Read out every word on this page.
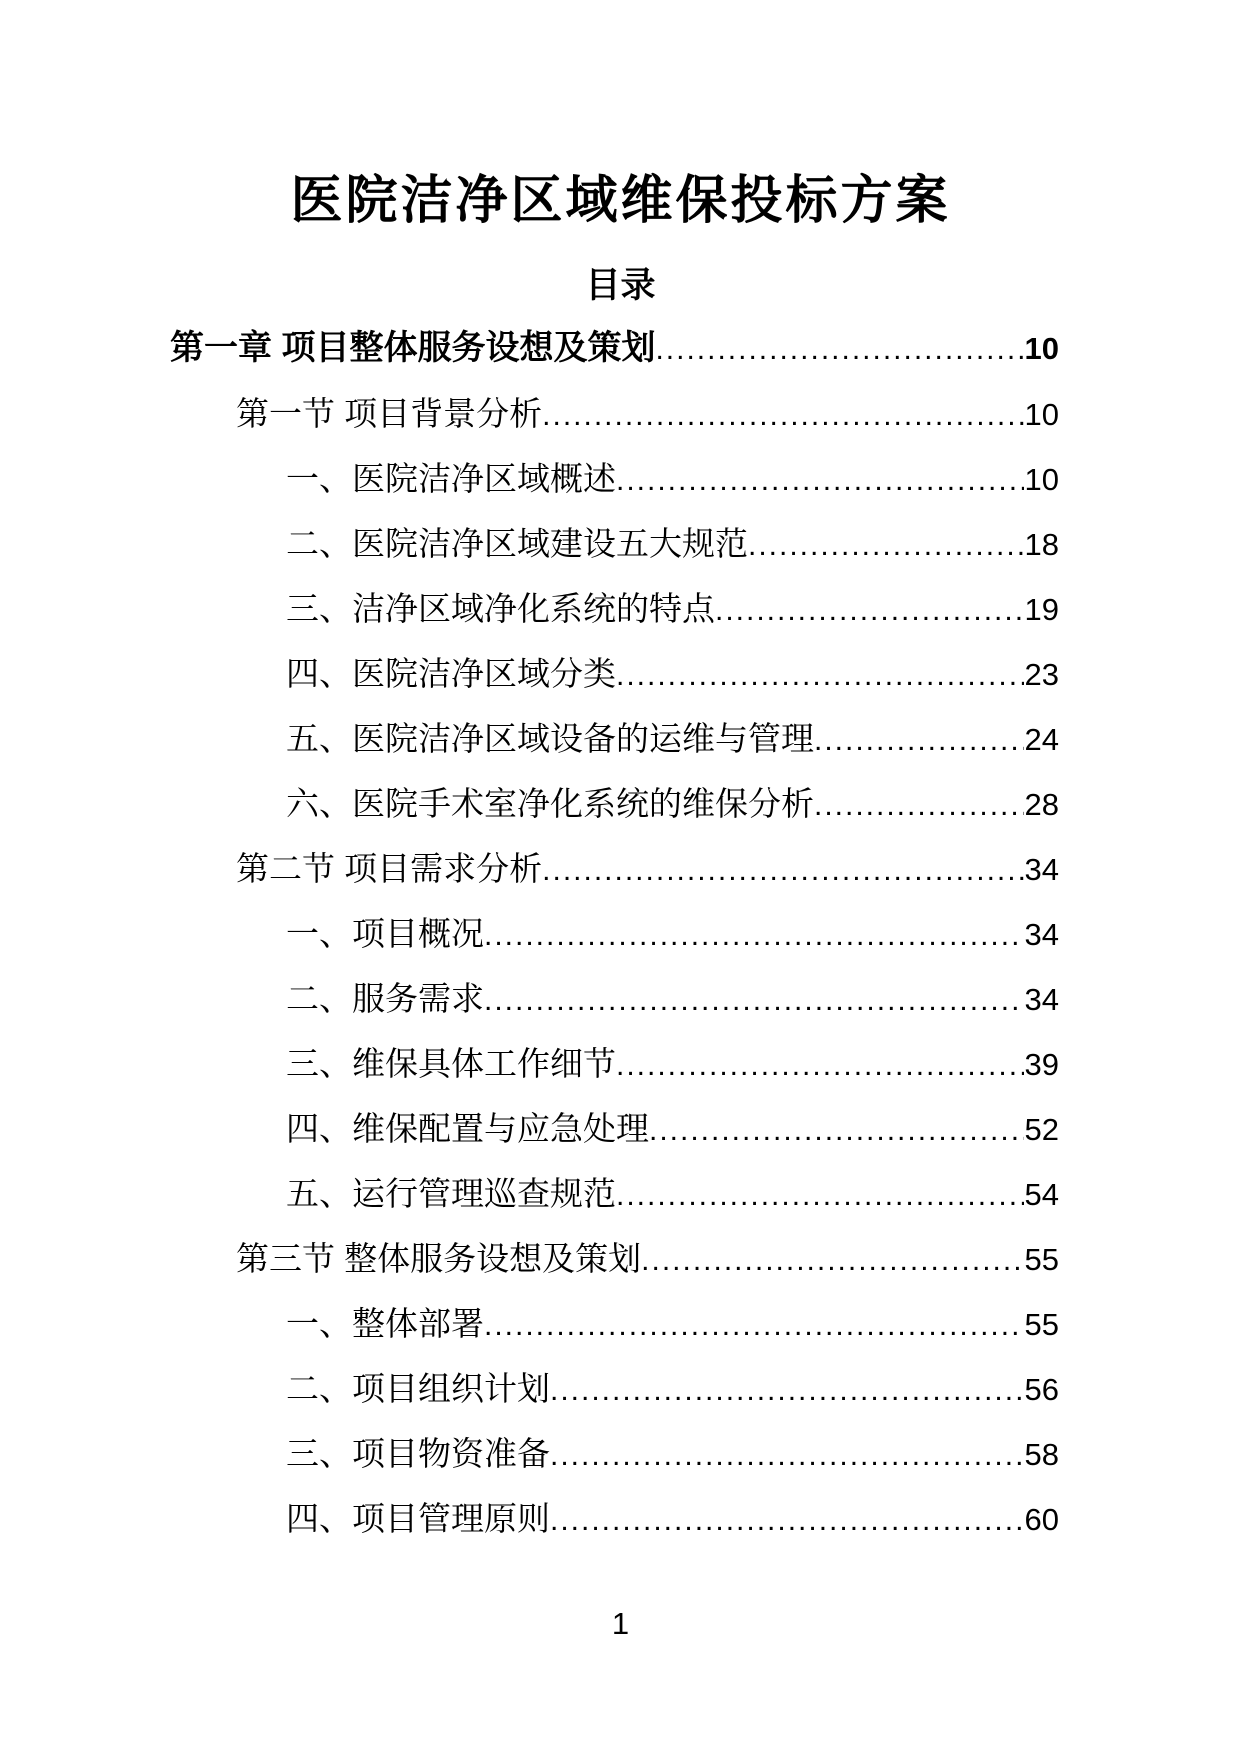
医院洁净区域维保投标方案
目录
第一章 项目整体服务设想及策划 .....	10
第一节 项目背景分析 .....	10
一、医院洁净区域概述 .....	10
二、医院洁净区域建设五大规范 .....	18
三、洁净区域净化系统的特点 .....	19
四、医院洁净区域分类 .....	23
五、医院洁净区域设备的运维与管理 .....	24
六、医院手术室净化系统的维保分析 .....	28
第二节 项目需求分析 .....	34
一、项目概况 .....	34
二、服务需求 .....	34
三、维保具体工作细节 .....	39
四、维保配置与应急处理 .....	52
五、运行管理巡查规范 .....	54
第三节 整体服务设想及策划 .....	55
一、整体部署 .....	55
二、项目组织计划 .....	56
三、项目物资准备 .....	58
四、项目管理原则 .....	60
1
